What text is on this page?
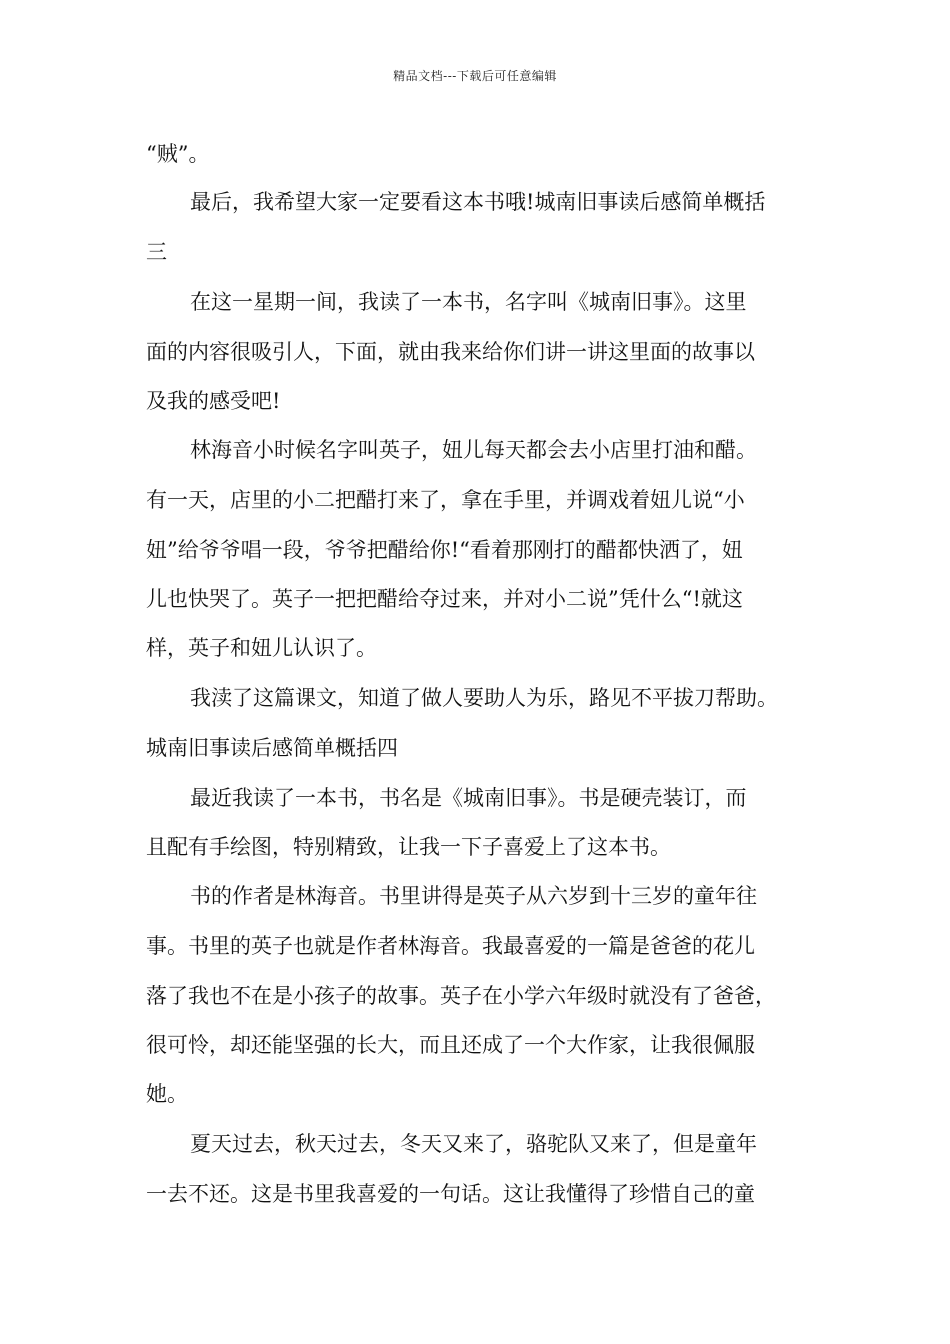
精品文档---下载后可任意编辑
“贼”。
最后，我希望大家一定要看这本书哦!城南旧事读后感简单概括
三
在这一星期一间，我读了一本书，名字叫《城南旧事》。这里
面的内容很吸引人，下面，就由我来给你们讲一讲这里面的故事以
及我的感受吧!
林海音小时候名字叫英子，妞儿每天都会去小店里打油和醋。
有一天，店里的小二把醋打来了，拿在手里，并调戏着妞儿说“小
妞”给爷爷唱一段，爷爷把醋给你!“看着那刚打的醋都快洒了，妞
儿也快哭了。英子一把把醋给夺过来，并对小二说”凭什么“!就这
样，英子和妞儿认识了。
我渎了这篇课文，知道了做人要助人为乐，路见不平拔刀帮助。
城南旧事读后感简单概括四
最近我读了一本书，书名是《城南旧事》。书是硬壳装订，而
且配有手绘图，特别精致，让我一下子喜爱上了这本书。
书的作者是林海音。书里讲得是英子从六岁到十三岁的童年往
事。书里的英子也就是作者林海音。我最喜爱的一篇是爸爸的花儿
落了我也不在是小孩子的故事。英子在小学六年级时就没有了爸爸，
很可怜，却还能坚强的长大，而且还成了一个大作家，让我很佩服
她。
夏天过去，秋天过去，冬天又来了，骆驼队又来了，但是童年
一去不还。这是书里我喜爱的一句话。这让我懂得了珍惜自己的童
